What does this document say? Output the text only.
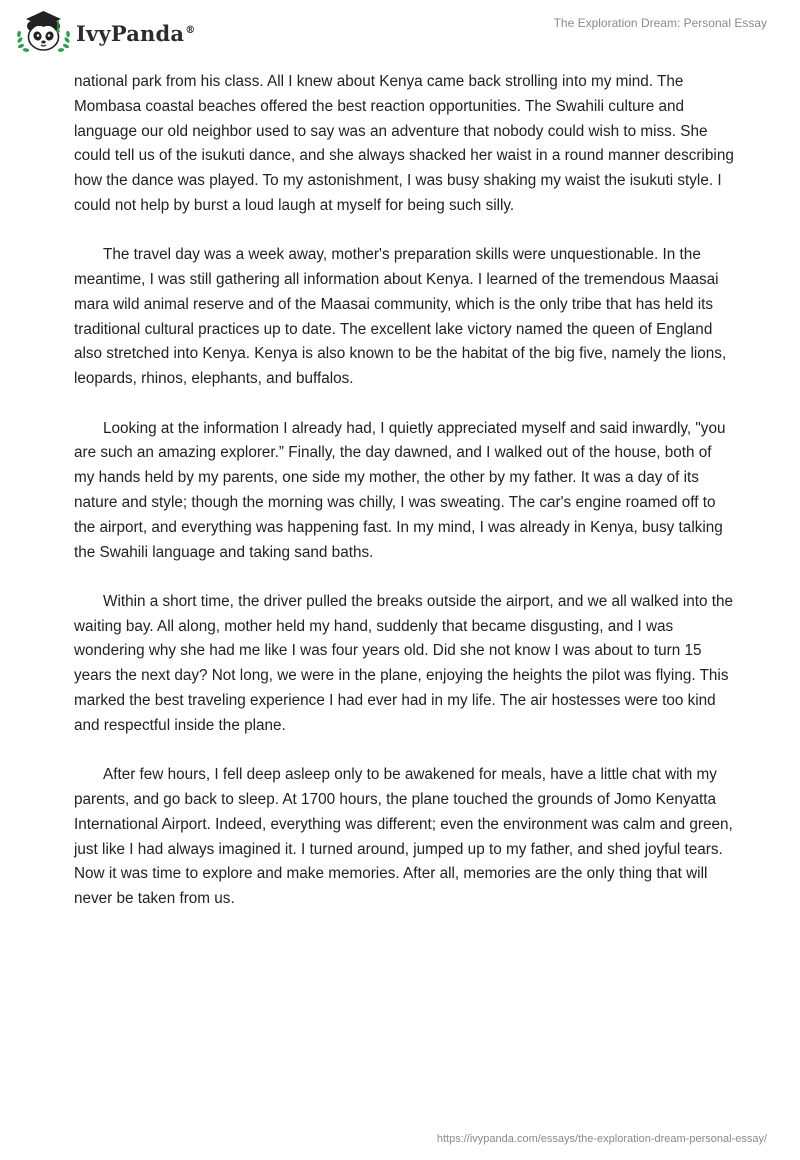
IvyPanda®	The Exploration Dream: Personal Essay

national park from his class. All I knew about Kenya came back strolling into my mind. The Mombasa coastal beaches offered the best reaction opportunities. The Swahili culture and language our old neighbor used to say was an adventure that nobody could wish to miss. She could tell us of the isukuti dance, and she always shacked her waist in a round manner describing how the dance was played. To my astonishment, I was busy shaking my waist the isukuti style. I could not help by burst a loud laugh at myself for being such silly.

The travel day was a week away, mother's preparation skills were unquestionable. In the meantime, I was still gathering all information about Kenya. I learned of the tremendous Maasai mara wild animal reserve and of the Maasai community, which is the only tribe that has held its traditional cultural practices up to date. The excellent lake victory named the queen of England also stretched into Kenya. Kenya is also known to be the habitat of the big five, namely the lions, leopards, rhinos, elephants, and buffalos.

Looking at the information I already had, I quietly appreciated myself and said inwardly, "you are such an amazing explorer.” Finally, the day dawned, and I walked out of the house, both of my hands held by my parents, one side my mother, the other by my father. It was a day of its nature and style; though the morning was chilly, I was sweating. The car's engine roamed off to the airport, and everything was happening fast. In my mind, I was already in Kenya, busy talking the Swahili language and taking sand baths.

Within a short time, the driver pulled the breaks outside the airport, and we all walked into the waiting bay. All along, mother held my hand, suddenly that became disgusting, and I was wondering why she had me like I was four years old. Did she not know I was about to turn 15 years the next day? Not long, we were in the plane, enjoying the heights the pilot was flying. This marked the best traveling experience I had ever had in my life. The air hostesses were too kind and respectful inside the plane.

After few hours, I fell deep asleep only to be awakened for meals, have a little chat with my parents, and go back to sleep. At 1700 hours, the plane touched the grounds of Jomo Kenyatta International Airport. Indeed, everything was different; even the environment was calm and green, just like I had always imagined it. I turned around, jumped up to my father, and shed joyful tears. Now it was time to explore and make memories. After all, memories are the only thing that will never be taken from us.

https://ivypanda.com/essays/the-exploration-dream-personal-essay/
